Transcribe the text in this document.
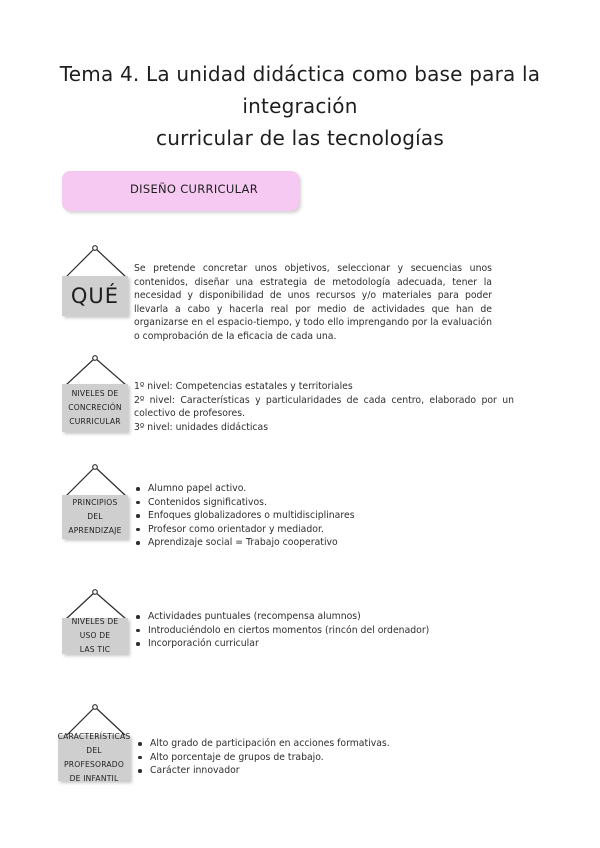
Tema 4. La unidad didáctica como base para la integración
curricular de las tecnologías
DISEÑO CURRICULAR
QUÉ

Se pretende concretar unos objetivos, seleccionar y secuencias unos contenidos, diseñar una estrategia de metodología adecuada, tener la necesidad y disponibilidad de unos recursos y/o materiales para poder llevarla a cabo y hacerla real por medio de actividades que han de organizarse en el espacio-tiempo, y todo ello imprengando por la evaluación o comprobación de la eficacia de cada una.

NIVELES DE
CONCRECIÓN
CURRICULAR
1º nivel: Competencias estatales y territoriales
2º nivel: Características y particularidades de cada centro, elaborado por un colectivo de profesores.
3º nivel: unidades didácticas
PRINCIPIOS DEL
APRENDIZAJE
Alumno papel activo.
Contenidos significativos.
Enfoques globalizadores o multidisciplinares
Profesor como orientador y mediador.
Aprendizaje social = Trabajo cooperativo
NIVELES DE USO DE
LAS TIC
Actividades puntuales (recompensa alumnos)
Introduciéndolo en ciertos momentos (rincón del ordenador)
Incorporación curricular
CARACTERÍSTICAS
DEL PROFESORADO
DE INFANTIL
Alto grado de participación en acciones formativas.
Alto porcentaje de grupos de trabajo.
Carácter innovador
